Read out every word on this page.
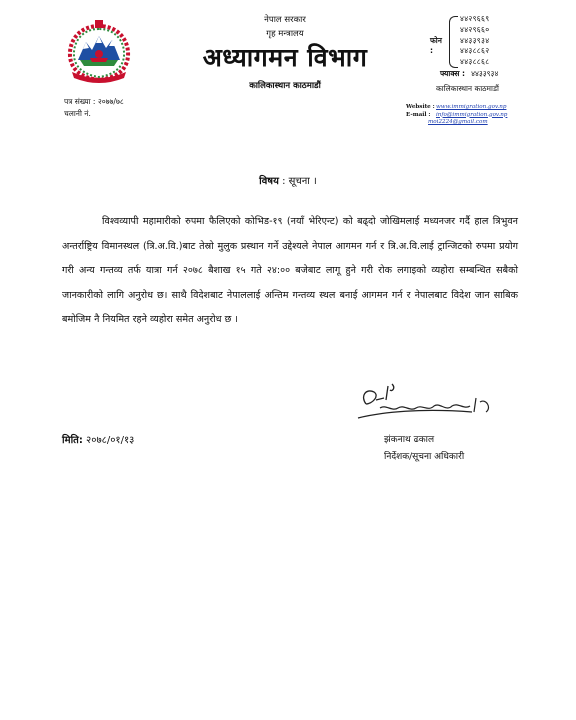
नेपाल सरकार
गृह मन्त्रालय
अध्यागमन विभाग
कालिकास्थान काठमाडौं
फोन :
४४२९६६९
४४२९६६०
४४३३९३४
४४३८८६२
४४३८८६८
फ्याक्स : ४४३३९३४
कालिकास्थान काठमाडौं
पत्र संख्या : २०७७/७८
चलानी नं.
Website :www.immigration.gov.np
E-mail : info@immigration.gov.np
moi2224@gmail.com
विषय : सूचना ।

विश्वव्यापी महामारीको रुपमा फैलिएको कोभिड-१९ (नयाँ भेरिएन्ट) को बढ्दो जोखिमलाई मध्यनजर गर्दै हाल त्रिभुवन अन्तर्राष्ट्रिय विमानस्थल (त्रि.अ.वि.)बाट तेस्रो मुलुक प्रस्थान गर्ने उद्देश्यले नेपाल आगमन गर्न र त्रि.अ.वि.लाई ट्रान्जिटको रुपमा प्रयोग गरी अन्य गन्तव्य तर्फ यात्रा गर्न २०७८ बैशाख १५ गते २४:०० बजेबाट लागू हुने गरी रोक लगाइको व्यहोरा सम्बन्धित सबैको जानकारीको लागि अनुरोध छ। साथै विदेशबाट नेपाललाई अन्तिम गन्तव्य स्थल बनाई आगमन गर्न र नेपालबाट विदेश जान साबिक बमोजिम नै नियमित रहने व्यहोरा समेत अनुरोध छ ।

मिति: २०७८/०१/१३	झंकनाथ ढकाल
निर्देशक/सूचना अधिकारी
